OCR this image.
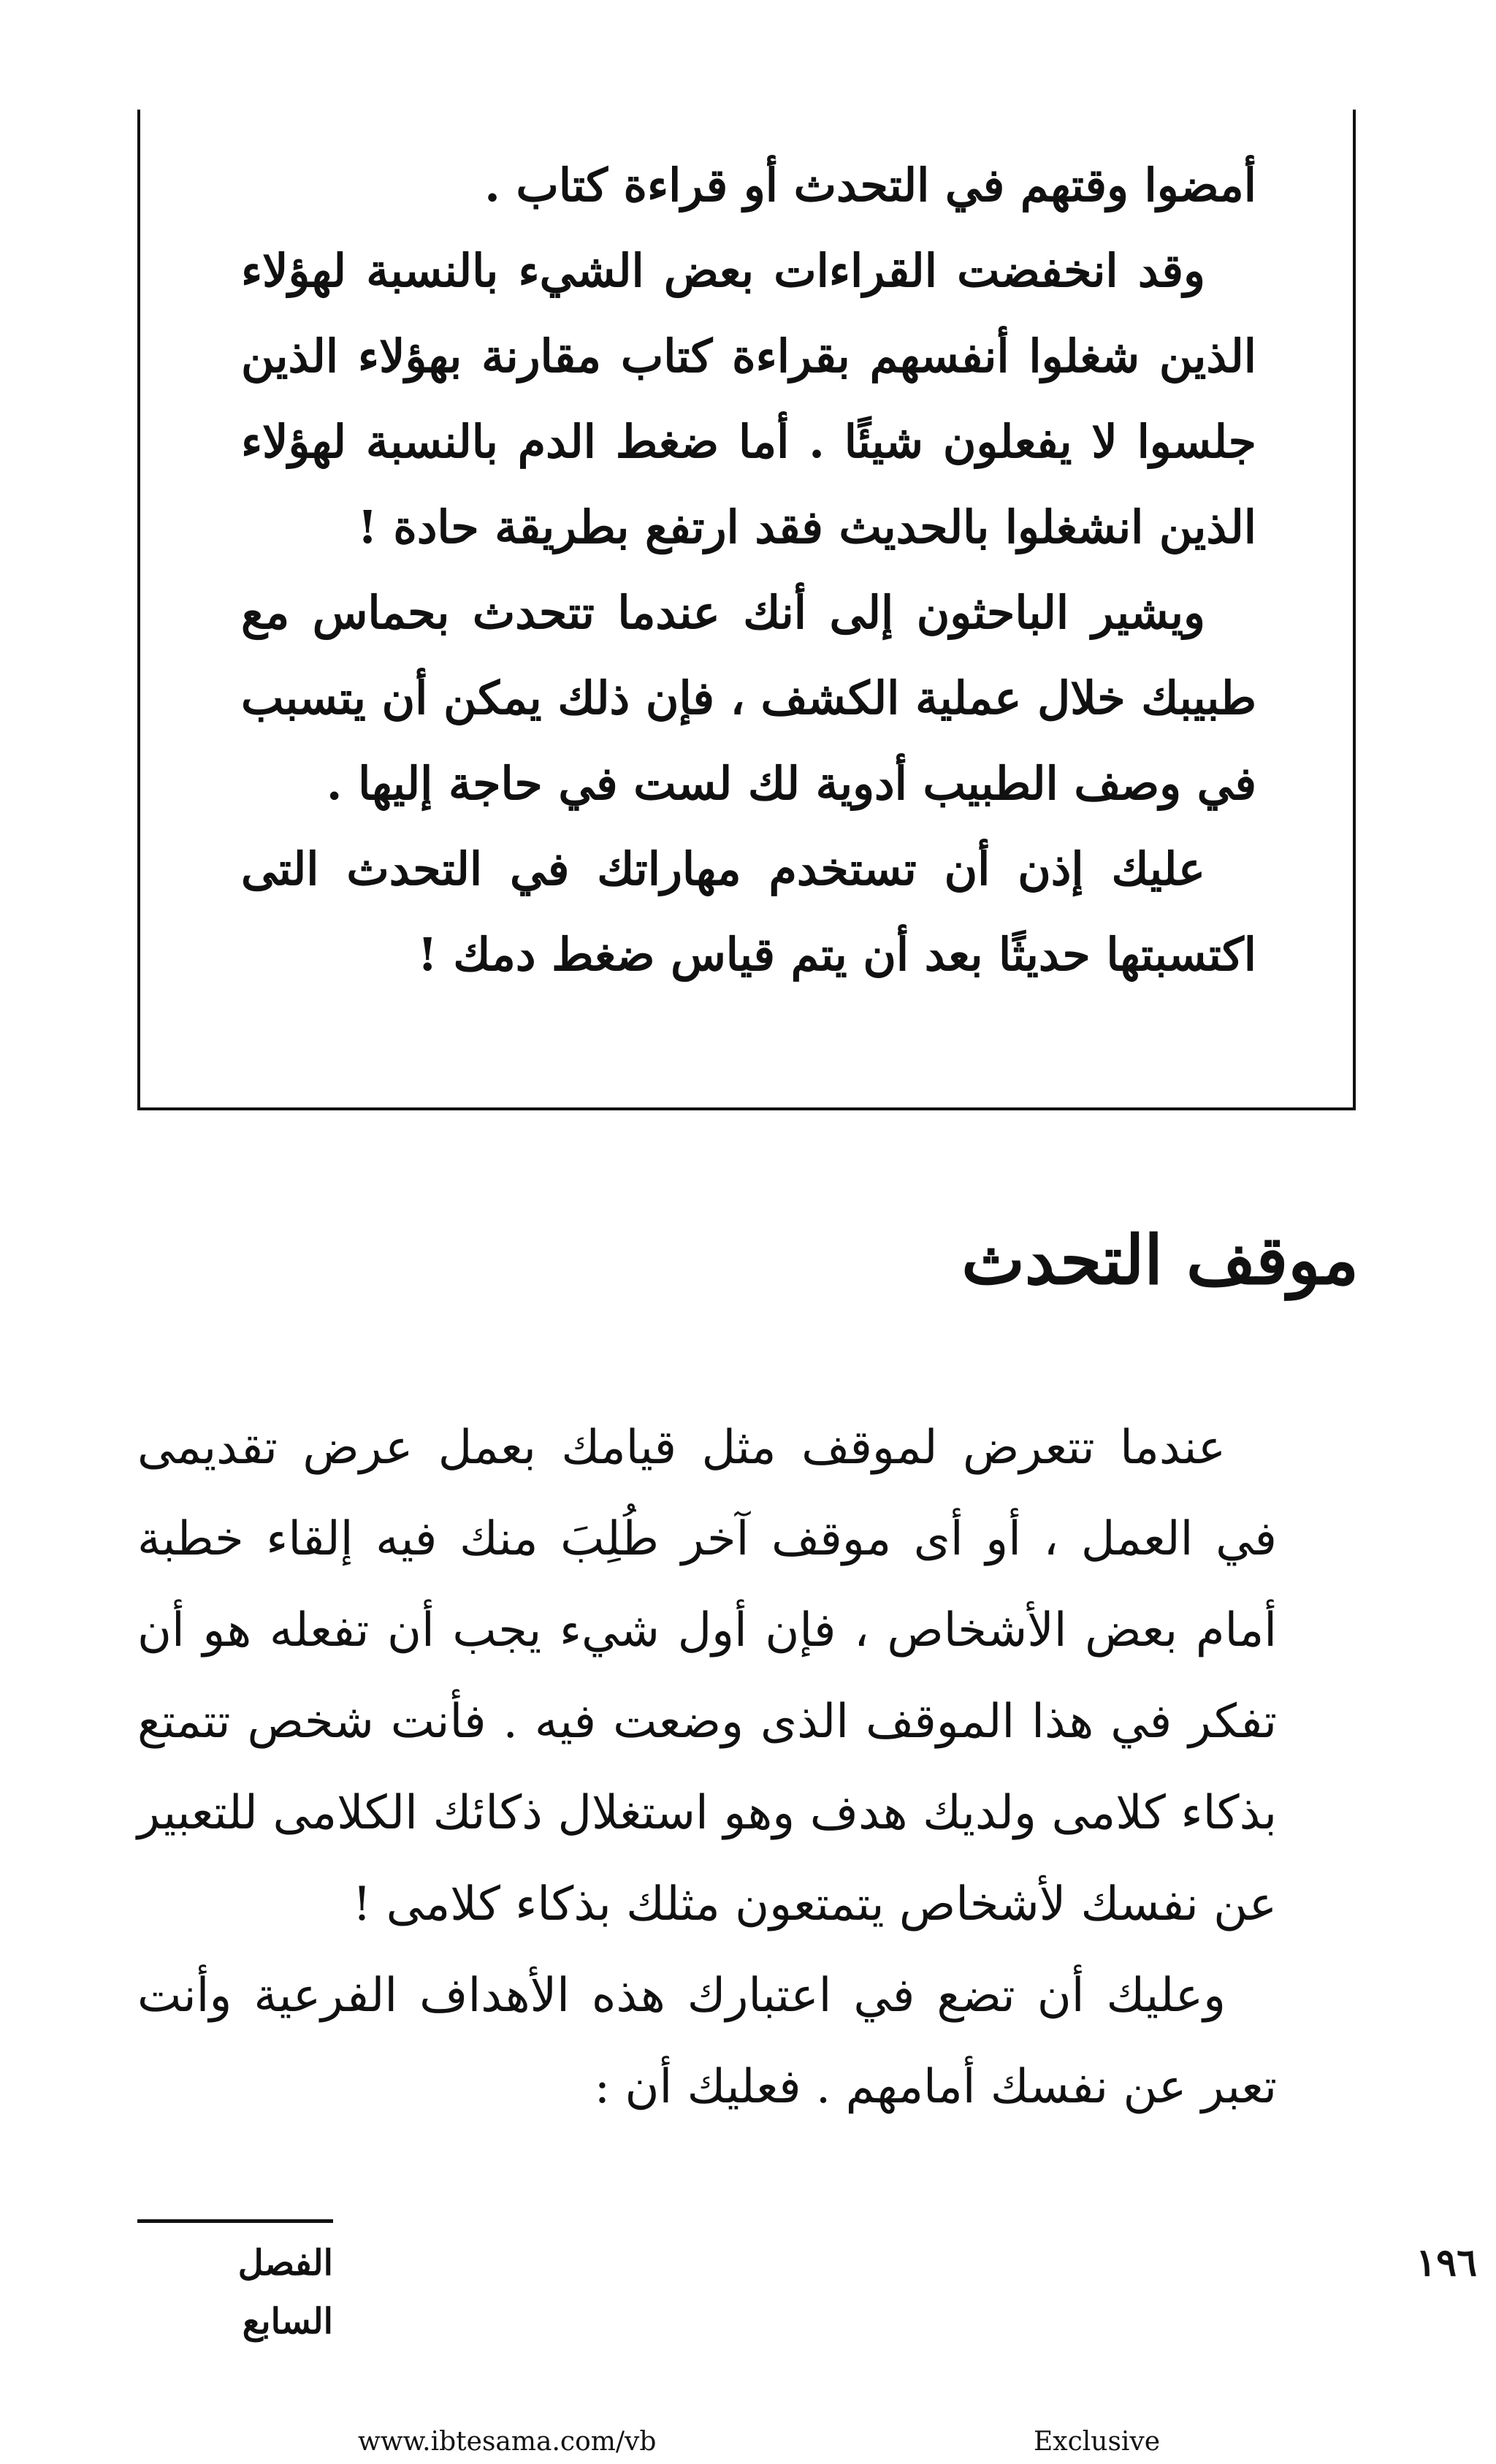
أمضوا وقتهم في التحدث أو قراءة كتاب .

وقد انخفضت القراءات بعض الشيء بالنسبة لهؤلاء الذين شغلوا أنفسهم بقراءة كتاب مقارنة بهؤلاء الذين جلسوا لا يفعلون شيئًا . أما ضغط الدم بالنسبة لهؤلاء الذين انشغلوا بالحديث فقد ارتفع بطريقة حادة !

ويشير الباحثون إلى أنك عندما تتحدث بحماس مع طبيبك خلال عملية الكشف ، فإن ذلك يمكن أن يتسبب في وصف الطبيب أدوية لك لست في حاجة إليها .

عليك إذن أن تستخدم مهاراتك في التحدث التى اكتسبتها حديثًا بعد أن يتم قياس ضغط دمك !

موقف التحدث

عندما تتعرض لموقف مثل قيامك بعمل عرض تقديمى في العمل ، أو أى موقف آخر طُلِبَ منك فيه إلقاء خطبة أمام بعض الأشخاص ، فإن أول شيء يجب أن تفعله هو أن تفكر في هذا الموقف الذى وضعت فيه . فأنت شخص تتمتع بذكاء كلامى ولديك هدف وهو استغلال ذكائك الكلامى للتعبير عن نفسك لأشخاص يتمتعون مثلك بذكاء كلامى !

وعليك أن تضع في اعتبارك هذه الأهداف الفرعية وأنت تعبر عن نفسك أمامهم . فعليك أن :

الفصل السابع
١٩٦
www.ibtesama.com/vb	Exclusive
